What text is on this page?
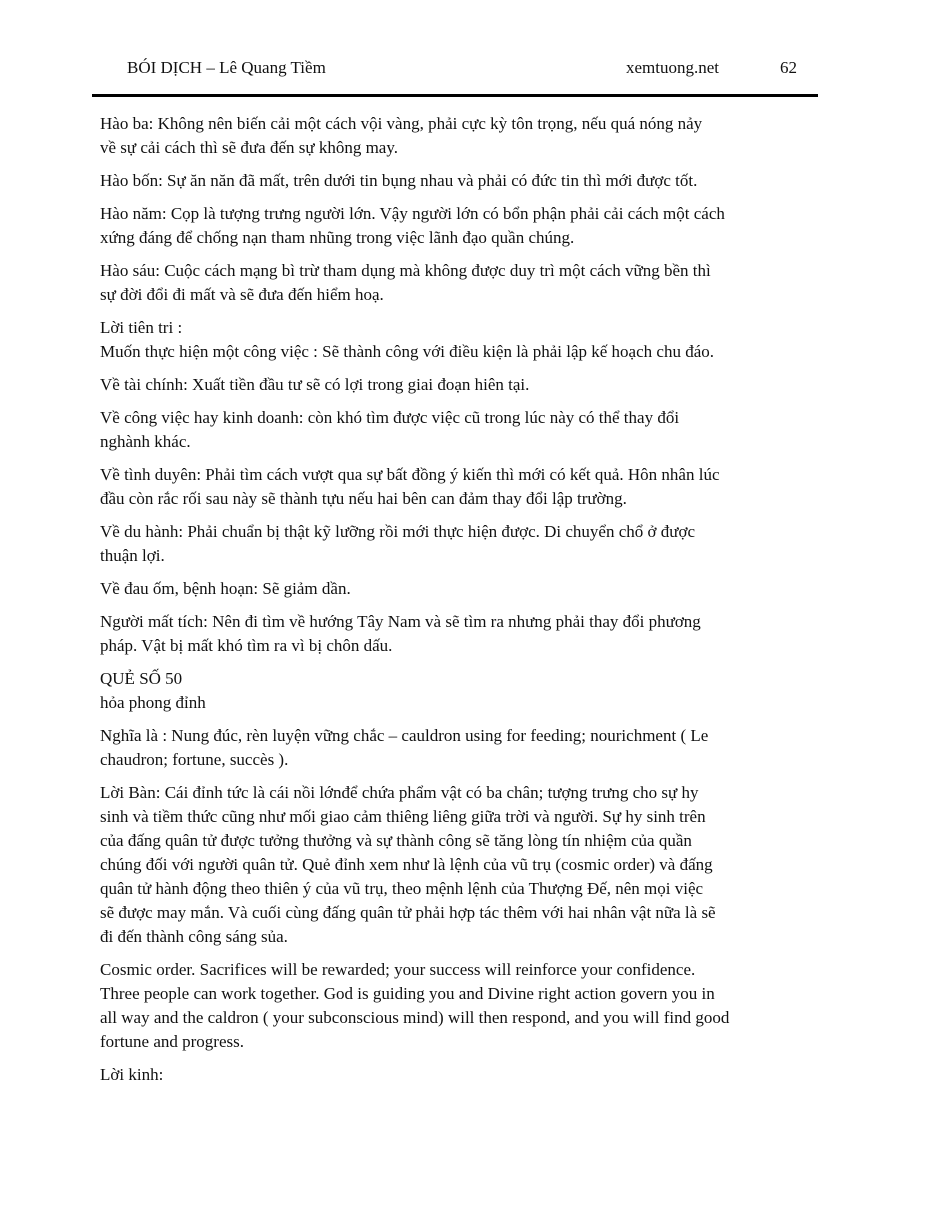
BÓI DỊCH – Lê Quang Tiềm	xemtuong.net	62

Hào ba: Không nên biến cải một cách vội vàng, phải cực kỳ tôn trọng, nếu quá nóng nảy
về sự cải cách thì sẽ đưa đến sự không may.

Hào bốn: Sự ăn năn đã mất, trên dưới tin bụng nhau và phải có đức tin thì mới được tốt.

Hào năm: Cọp là tượng trưng người lớn. Vậy người lớn có bổn phận phải cải cách một cách
xứng đáng để chống nạn tham nhũng trong việc lãnh đạo quần chúng.

Hào sáu: Cuộc cách mạng bì trừ tham dụng mà không được duy trì một cách vững bền thì
sự đời đổi đi mất và sẽ đưa đến hiểm hoạ.

Lời tiên tri :
Muốn thực hiện một công việc : Sẽ thành công với điều kiện là phải lập kế hoạch chu đáo.

Về tài chính: Xuất tiền đầu tư sẽ có lợi trong giai đoạn hiên tại.

Về công việc hay kinh doanh: còn khó tìm được việc cũ trong lúc này có thể thay đổi
nghành khác.

Về tình duyên: Phải tìm cách vượt qua sự bất đồng ý kiến thì mới có kết quả. Hôn nhân lúc
đầu còn rắc rối sau này sẽ thành tựu nếu hai bên can đảm thay đổi lập trường.

Về du hành: Phải chuẩn bị thật kỹ lưỡng rồi mới thực hiện được. Di chuyển chổ ở được
thuận lợi.

Về đau ốm, bệnh hoạn: Sẽ giảm dần.

Người mất tích: Nên đi tìm về hướng Tây Nam và sẽ tìm ra nhưng phải thay đổi phương
pháp. Vật bị mất khó tìm ra vì bị chôn dấu.

QUẺ SỐ 50
hỏa phong đỉnh

Nghĩa là : Nung đúc, rèn luyện vững chắc – cauldron using for feeding; nourichment ( Le
chaudron; fortune, succès ).

Lời Bàn: Cái đỉnh tức là cái nồi lớnđể chứa phẩm vật có ba chân; tượng trưng cho sự hy
sinh và tiềm thức cũng như mối giao cảm thiêng liêng giữa trời và người. Sự hy sinh trên
của đấng quân tử được tưởng thưởng và sự thành công sẽ tăng lòng tín nhiệm của quần
chúng đối với người quân tử. Quẻ đỉnh xem như là lệnh của vũ trụ (cosmic order) và đấng
quân tử hành động theo thiên ý của vũ trụ, theo mệnh lệnh của Thượng Đế, nên mọi việc
sẽ được may mắn. Và cuối cùng đấng quân tử phải hợp tác thêm với hai nhân vật nữa là sẽ
đi đến thành công sáng sủa.

Cosmic order. Sacrifices will be rewarded; your success will reinforce your confidence.
Three people can work together. God is guiding you and Divine right action govern you in
all way and the caldron ( your subconscious mind) will then respond, and you will find good
fortune and progress.

Lời kinh:
